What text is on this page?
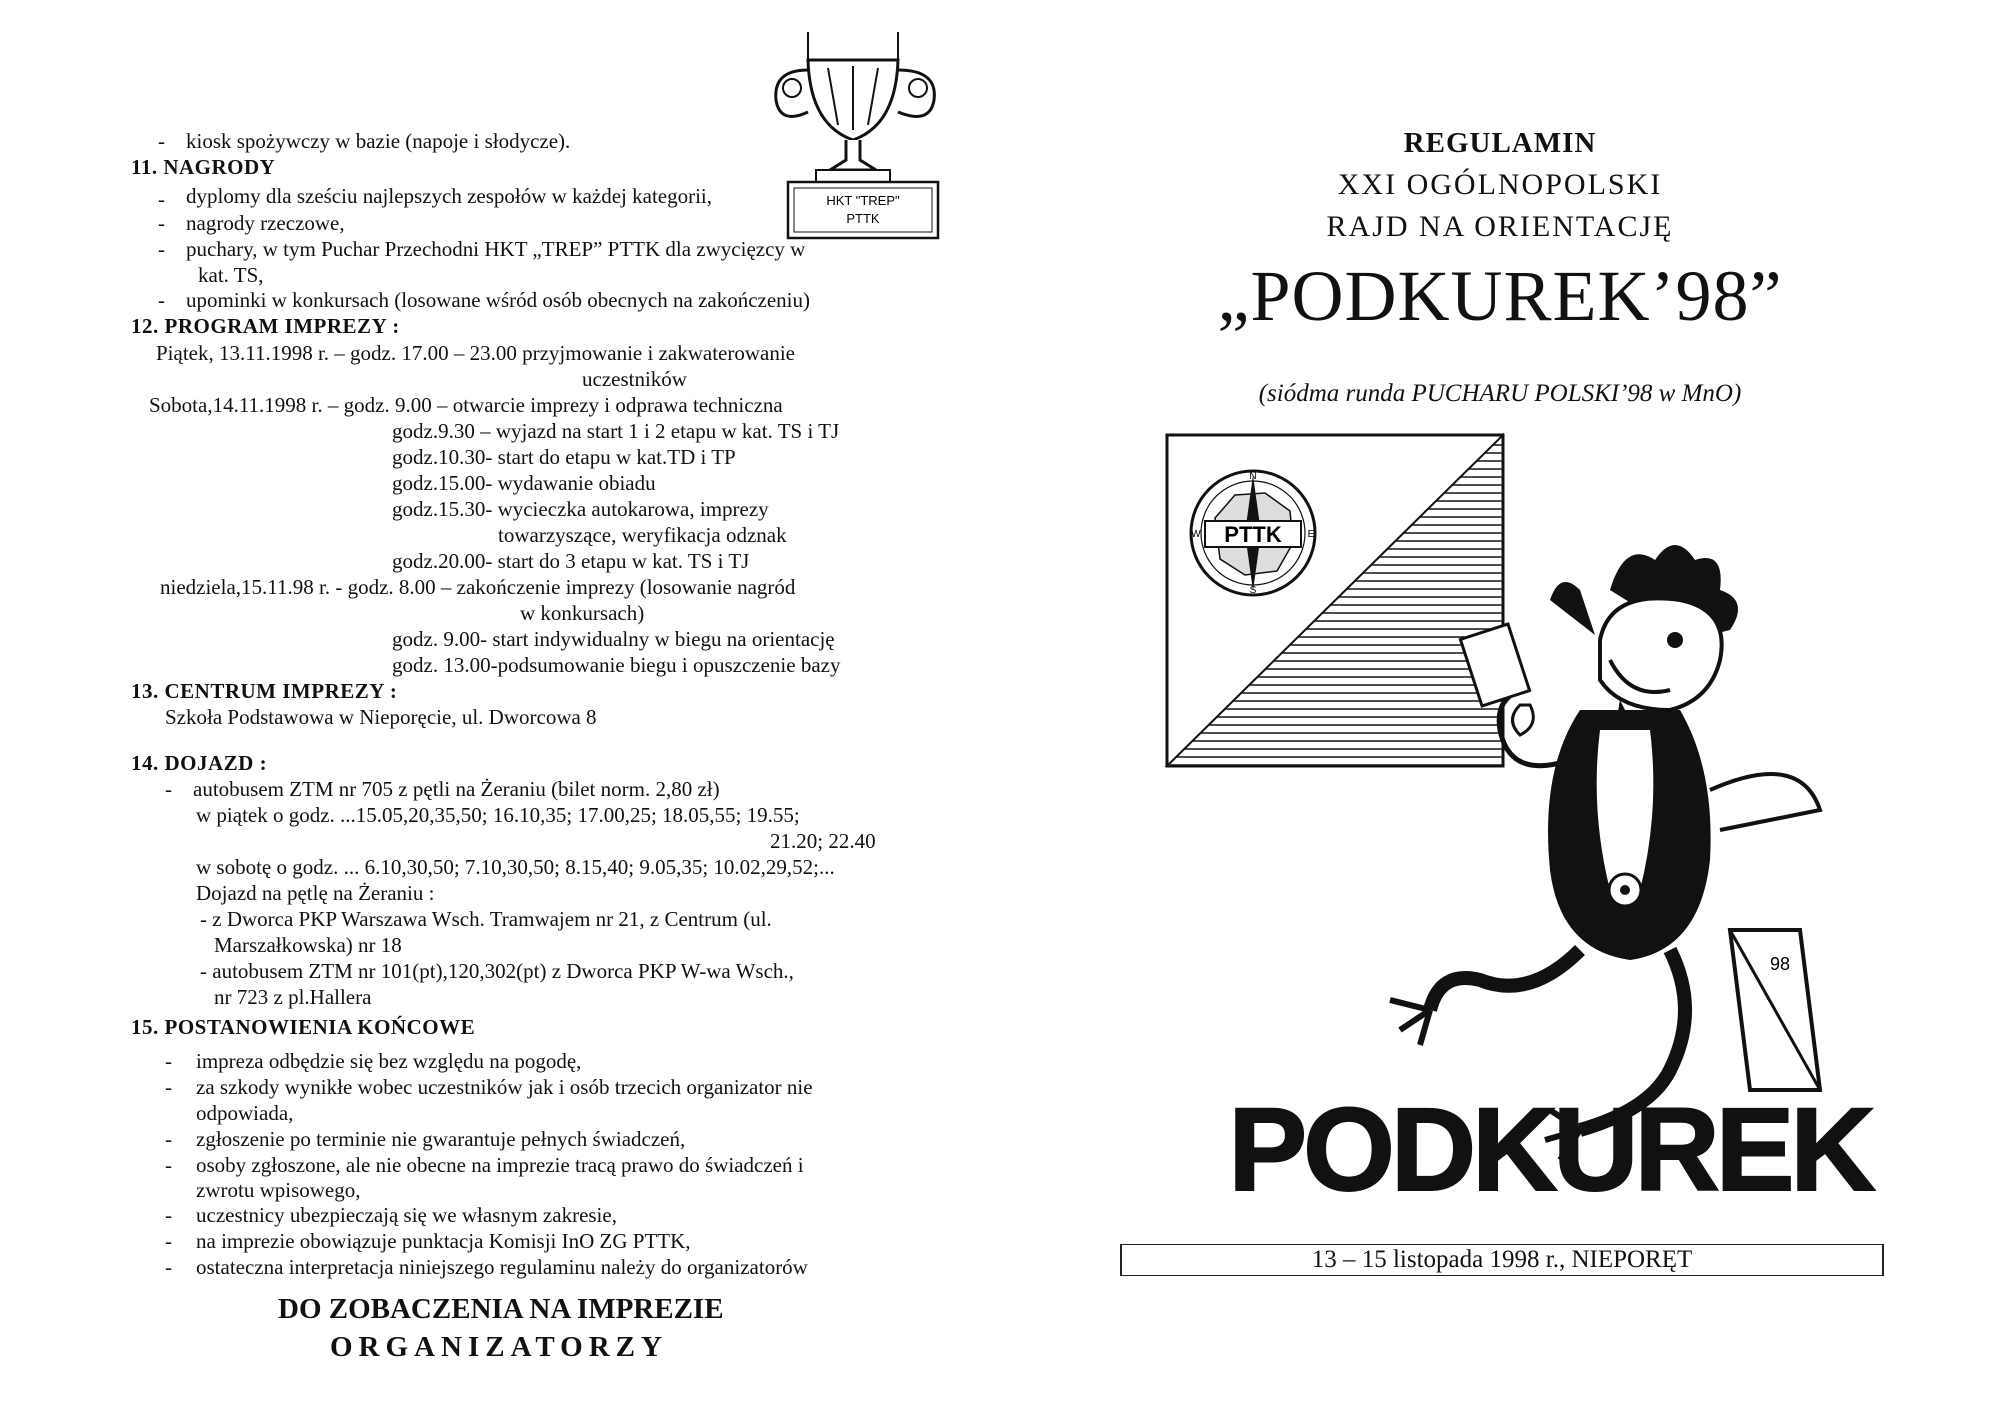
HKT "TREP"
PTTK
-
-
-
-
-
-
-
-
-
-
-
-
-
kiosk spożywczy w bazie (napoje i słodycze).
11. NAGRODY
dyplomy dla sześciu najlepszych zespołów w każdej kategorii,
nagrody rzeczowe,
puchary, w tym Puchar Przechodni HKT „TREP” PTTK dla zwycięzcy w
kat. TS,
upominki w konkursach (losowane wśród osób obecnych na zakończeniu)
12. PROGRAM IMPREZY :
Piątek, 13.11.1998 r. – godz. 17.00 – 23.00 przyjmowanie i zakwaterowanie
uczestników
Sobota,14.11.1998 r. – godz. 9.00 – otwarcie imprezy i odprawa techniczna
godz.9.30 – wyjazd na start 1 i 2 etapu w kat. TS i TJ
godz.10.30- start do etapu w kat.TD i TP
godz.15.00- wydawanie obiadu
godz.15.30- wycieczka autokarowa, imprezy
towarzyszące, weryfikacja odznak
godz.20.00- start do 3 etapu w kat. TS i TJ
niedziela,15.11.98 r. - godz. 8.00 – zakończenie imprezy (losowanie nagród
w konkursach)
godz. 9.00- start indywidualny w biegu na orientację
godz. 13.00-podsumowanie biegu i opuszczenie bazy
13. CENTRUM IMPREZY :
Szkoła Podstawowa w Nieporęcie, ul. Dworcowa 8
14. DOJAZD :
autobusem ZTM nr 705 z pętli na Żeraniu (bilet norm. 2,80 zł)
w piątek o godz. ...15.05,20,35,50; 16.10,35; 17.00,25; 18.05,55; 19.55;
21.20; 22.40
w sobotę o godz. ... 6.10,30,50; 7.10,30,50; 8.15,40; 9.05,35; 10.02,29,52;...
Dojazd na pętlę na Żeraniu :
- z Dworca PKP Warszawa Wsch. Tramwajem nr 21, z Centrum (ul.
Marszałkowska) nr 18
- autobusem ZTM nr 101(pt),120,302(pt) z Dworca PKP W-wa Wsch.,
nr 723 z pl.Hallera
15. POSTANOWIENIA KOŃCOWE
impreza odbędzie się bez względu na pogodę,
za szkody wynikłe wobec uczestników jak i osób trzecich organizator nie
odpowiada,
zgłoszenie po terminie nie gwarantuje pełnych świadczeń,
osoby zgłoszone, ale nie obecne na imprezie tracą prawo do świadczeń i
zwrotu wpisowego,
uczestnicy ubezpieczają się we własnym zakresie,
na imprezie obowiązuje punktacja Komisji InO ZG PTTK,
ostateczna interpretacja niniejszego regulaminu należy do organizatorów
DO ZOBACZENIA NA IMPREZIE
ORGANIZATORZY
REGULAMIN
XXI OGÓLNOPOLSKI
RAJD NA ORIENTACJĘ
„PODKUREK’98”
(siódma runda PUCHARU POLSKI’98 w MnO)
PTTK
N
S
W	E
98
PODKUREK
13 – 15 listopada 1998 r., NIEPORĘT
